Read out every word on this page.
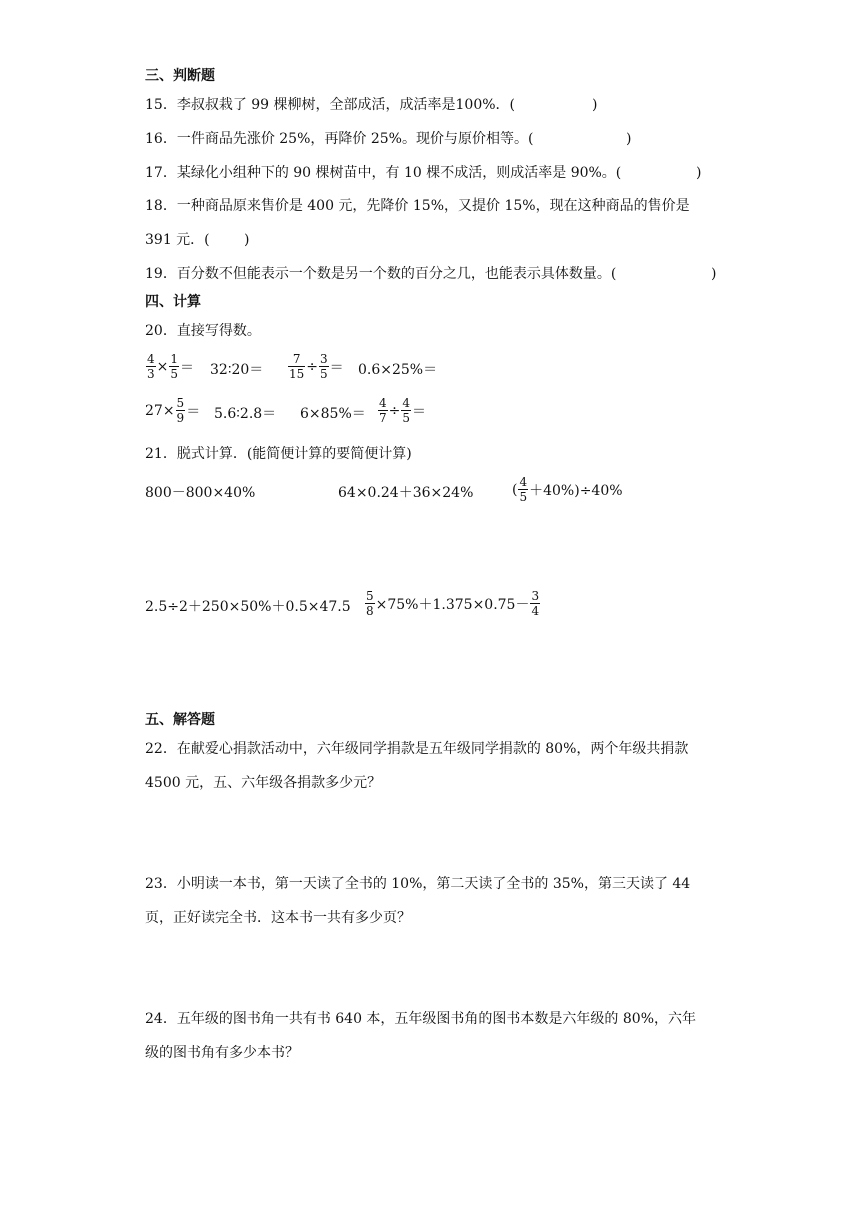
三、判断题
15．李叔叔栽了 99 棵柳树，全部成活，成活率是100%．(	)
16．一件商品先涨价 25%，再降价 25%。现价与原价相等。(	)
17．某绿化小组种下的 90 棵树苗中，有 10 棵不成活，则成活率是 90%。(	)
18．一种商品原来售价是 400 元，先降价 15%，又提价 15%，现在这种商品的售价是
391 元．( )
19．百分数不但能表示一个数是另一个数的百分之几，也能表示具体数量。(	)
四、计算
20．直接写得数。
$\frac{4}{3} \times \frac{1}{5}$ ＝ 32∶20＝ $\frac{7}{15} \div \frac{3}{5} = 0.6\times 25\%=$
$27\times \frac{5}{9}$ ＝ 5.6∶2.8＝ $6\times 85\%= \frac{4}{7} \div \frac{4}{5}$ ＝
21．脱式计算．(能简便计算的要简便计算)
800－800×40%	64×0.24＋36×24%	( $\frac{4}{5} +40\%)\div 40\%$
$2.5\div 2+250\times 50\%+0.5\times 47.5 \frac{5}{8} \times 75\%+1.375\times 0.75- \frac{3}{4}$
五、解答题
22．在献爱心捐款活动中，六年级同学捐款是五年级同学捐款的 80%，两个年级共捐款
4500 元，五、六年级各捐款多少元？
23．小明读一本书，第一天读了全书的 10%，第二天读了全书的 35%，第三天读了 44
页，正好读完全书．这本书一共有多少页？
24．五年级的图书角一共有书 640 本，五年级图书角的图书本数是六年级的 80%，六年
级的图书角有多少本书？
